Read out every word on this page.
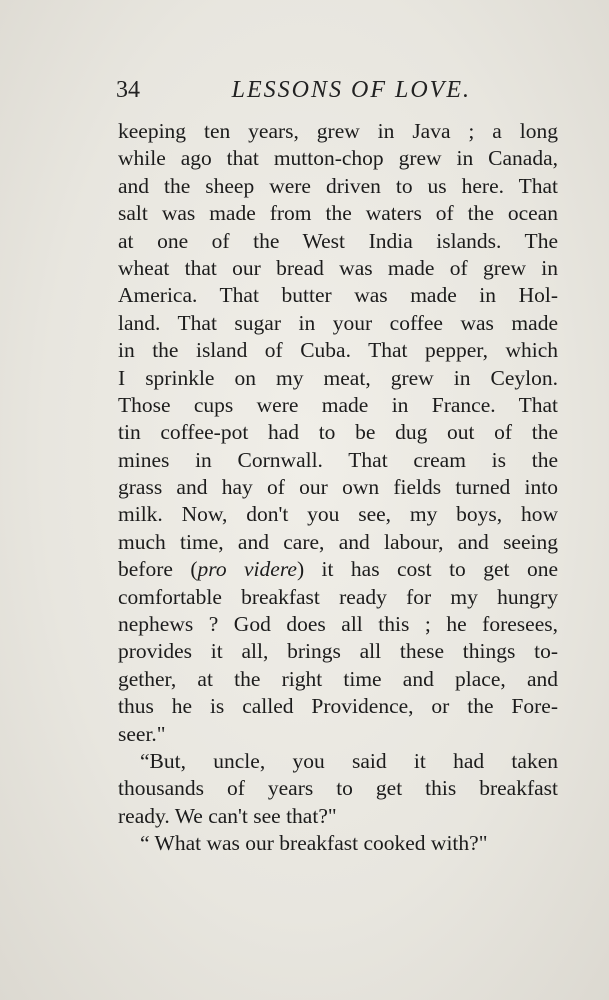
34	LESSONS OF LOVE.
keeping ten years, grew in Java ; a long
while ago that mutton-chop grew in Canada,
and the sheep were driven to us here. That
salt was made from the waters of the ocean
at one of the West India islands. The
wheat that our bread was made of grew in
America. That butter was made in Hol-
land. That sugar in your coffee was made
in the island of Cuba. That pepper, which
I sprinkle on my meat, grew in Ceylon.
Those cups were made in France. That
tin coffee-pot had to be dug out of the
mines in Cornwall. That cream is the
grass and hay of our own fields turned into
milk. Now, don't you see, my boys, how
much time, and care, and labour, and seeing
before (pro videre) it has cost to get one
comfortable breakfast ready for my hungry
nephews ? God does all this ; he foresees,
provides it all, brings all these things to-
gether, at the right time and place, and
thus he is called Providence, or the Fore-
seer."
“But, uncle, you said it had taken
thousands of years to get this breakfast
ready. We can't see that?"
“ What was our breakfast cooked with?"
